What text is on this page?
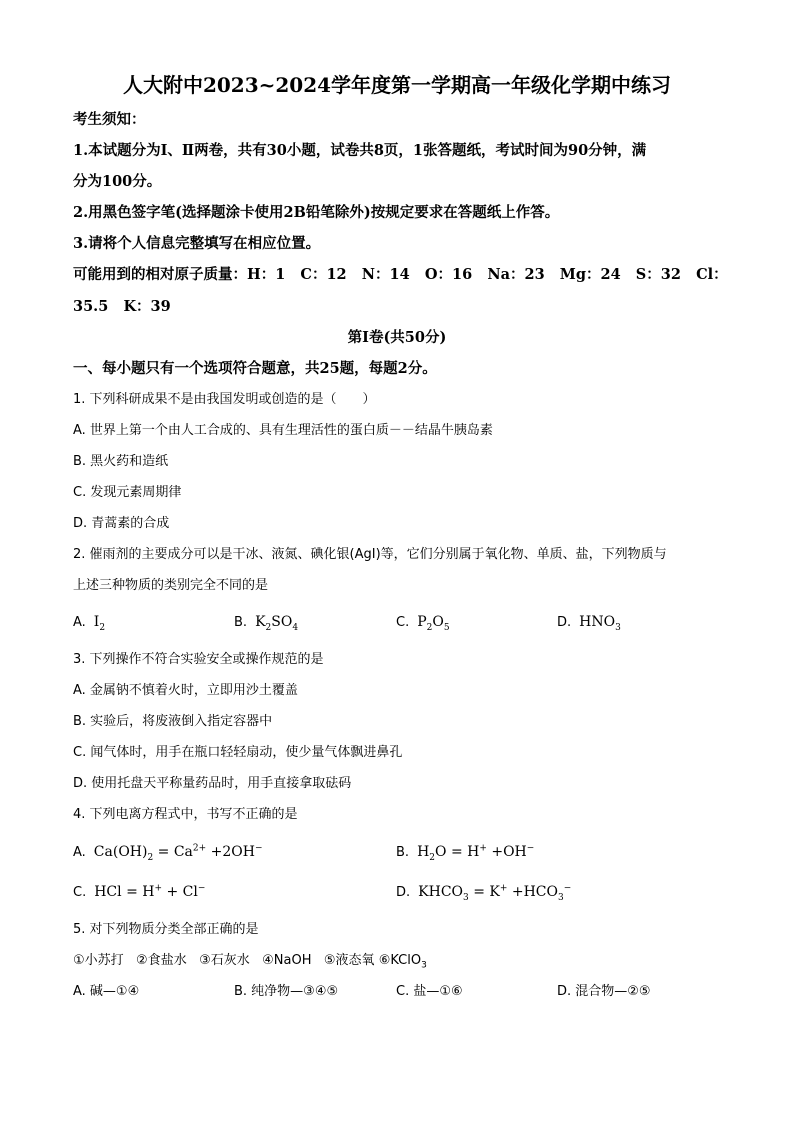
人大附中2023~2024学年度第一学期高一年级化学期中练习
考生须知：
1.本试题分为Ⅰ、Ⅱ两卷，共有30小题，试卷共8页，1张答题纸，考试时间为90分钟，满
分为100分。
2.用黑色签字笔(选择题涂卡使用2B铅笔除外)按规定要求在答题纸上作答。
3.请将个人信息完整填写在相应位置。
可能用到的相对原子质量：H：1   C：12   N：14   O：16   Na：23   Mg：24   S：32   Cl：
35.5   K：39
第Ⅰ卷(共50分)
一、每小题只有一个选项符合题意，共25题，每题2分。
1. 下列科研成果不是由我国发明或创造的是（　　）
A. 世界上第一个由人工合成的、具有生理活性的蛋白质－－结晶牛胰岛素
B. 黑火药和造纸
C. 发现元素周期律
D. 青蒿素的合成
2. 催雨剂的主要成分可以是干冰、液氮、碘化银(AgI)等，它们分别属于氧化物、单质、盐，下列物质与
上述三种物质的类别完全不同的是
A. $I_2$	B. $K_2SO_4$	C. $P_2O_5$	D. $HNO_3$
3. 下列操作不符合实验安全或操作规范的是
A. 金属钠不慎着火时，立即用沙土覆盖
B. 实验后，将废液倒入指定容器中
C. 闻气体时，用手在瓶口轻轻扇动，使少量气体飘进鼻孔
D. 使用托盘天平称量药品时，用手直接拿取砝码
4. 下列电离方程式中，书写不正确的是
A. $Ca(OH)_2 = Ca^{2+} +2OH^-$	B. $H_2O = H^+ +OH^-$
C. HCl = H+ + Cl−	D. $KHCO_3 = K^+ +HCO_3^-$
5. 对下列物质分类全部正确的是
①小苏打   ②食盐水   ③石灰水   ④NaOH   ⑤液态氧 ⑥KClO$_3$
A. 碱—①④	B. 纯净物—③④⑤	C. 盐—①⑥	D. 混合物—②⑤
